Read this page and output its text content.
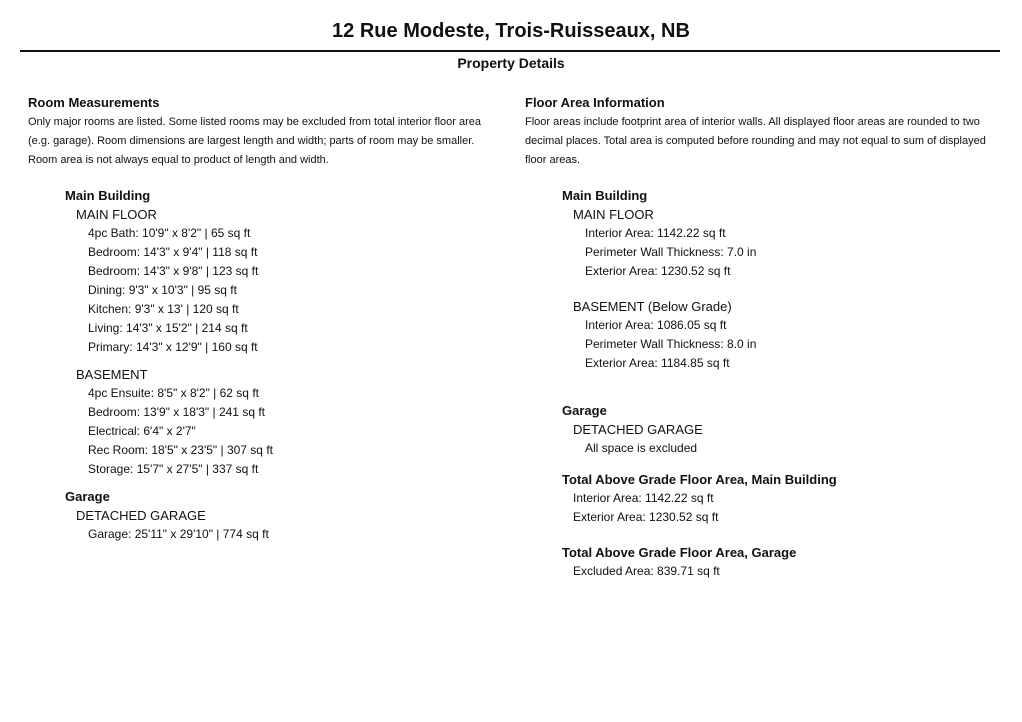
12 Rue Modeste, Trois-Ruisseaux, NB
Property Details
Room Measurements
Only major rooms are listed. Some listed rooms may be excluded from total interior floor area (e.g. garage). Room dimensions are largest length and width; parts of room may be smaller. Room area is not always equal to product of length and width.
Main Building
MAIN FLOOR
4pc Bath: 10'9" x 8'2" | 65 sq ft
Bedroom: 14'3" x 9'4" | 118 sq ft
Bedroom: 14'3" x 9'8" | 123 sq ft
Dining: 9'3" x 10'3" | 95 sq ft
Kitchen: 9'3" x 13' | 120 sq ft
Living: 14'3" x 15'2" | 214 sq ft
Primary: 14'3" x 12'9" | 160 sq ft
BASEMENT
4pc Ensuite: 8'5" x 8'2" | 62 sq ft
Bedroom: 13'9" x 18'3" | 241 sq ft
Electrical: 6'4" x 2'7"
Rec Room: 18'5" x 23'5" | 307 sq ft
Storage: 15'7" x 27'5" | 337 sq ft
Garage
DETACHED GARAGE
Garage: 25'11" x 29'10" | 774 sq ft
Floor Area Information
Floor areas include footprint area of interior walls. All displayed floor areas are rounded to two decimal places. Total area is computed before rounding and may not equal to sum of displayed floor areas.
Main Building
MAIN FLOOR
Interior Area: 1142.22 sq ft
Perimeter Wall Thickness: 7.0 in
Exterior Area: 1230.52 sq ft
BASEMENT (Below Grade)
Interior Area: 1086.05 sq ft
Perimeter Wall Thickness: 8.0 in
Exterior Area: 1184.85 sq ft
Garage
DETACHED GARAGE
All space is excluded
Total Above Grade Floor Area, Main Building
Interior Area: 1142.22 sq ft
Exterior Area: 1230.52 sq ft
Total Above Grade Floor Area, Garage
Excluded Area: 839.71 sq ft
